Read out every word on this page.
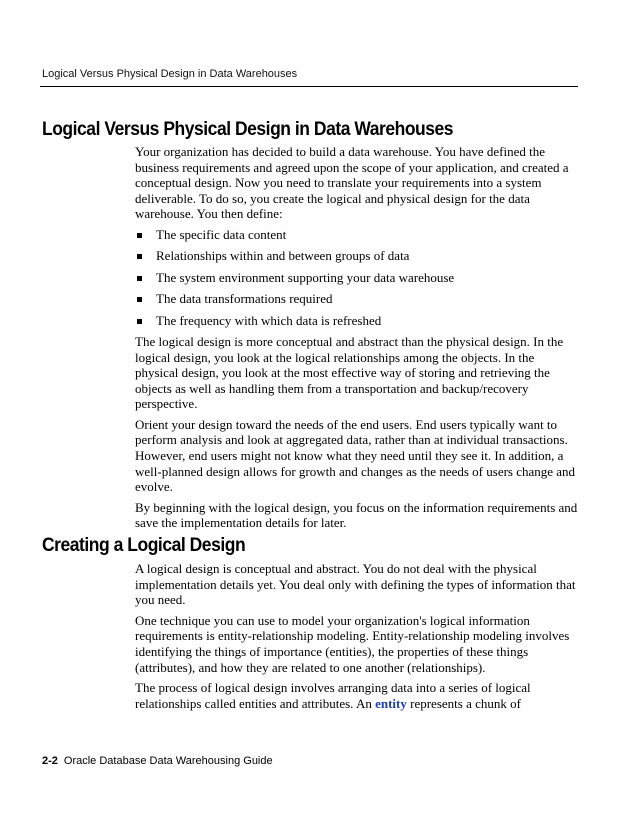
Logical Versus Physical Design in Data Warehouses
Logical Versus Physical Design in Data Warehouses

Your organization has decided to build a data warehouse. You have defined the business requirements and agreed upon the scope of your application, and created a conceptual design. Now you need to translate your requirements into a system deliverable. To do so, you create the logical and physical design for the data warehouse. You then define:

The specific data content
Relationships within and between groups of data
The system environment supporting your data warehouse
The data transformations required
The frequency with which data is refreshed

The logical design is more conceptual and abstract than the physical design. In the logical design, you look at the logical relationships among the objects. In the physical design, you look at the most effective way of storing and retrieving the objects as well as handling them from a transportation and backup/recovery perspective.

Orient your design toward the needs of the end users. End users typically want to perform analysis and look at aggregated data, rather than at individual transactions. However, end users might not know what they need until they see it. In addition, a well-planned design allows for growth and changes as the needs of users change and evolve.

By beginning with the logical design, you focus on the information requirements and save the implementation details for later.

Creating a Logical Design

A logical design is conceptual and abstract. You do not deal with the physical implementation details yet. You deal only with defining the types of information that you need.

One technique you can use to model your organization's logical information requirements is entity-relationship modeling. Entity-relationship modeling involves identifying the things of importance (entities), the properties of these things (attributes), and how they are related to one another (relationships).

The process of logical design involves arranging data into a series of logical relationships called entities and attributes. An entity represents a chunk of

2-2 Oracle Database Data Warehousing Guide
